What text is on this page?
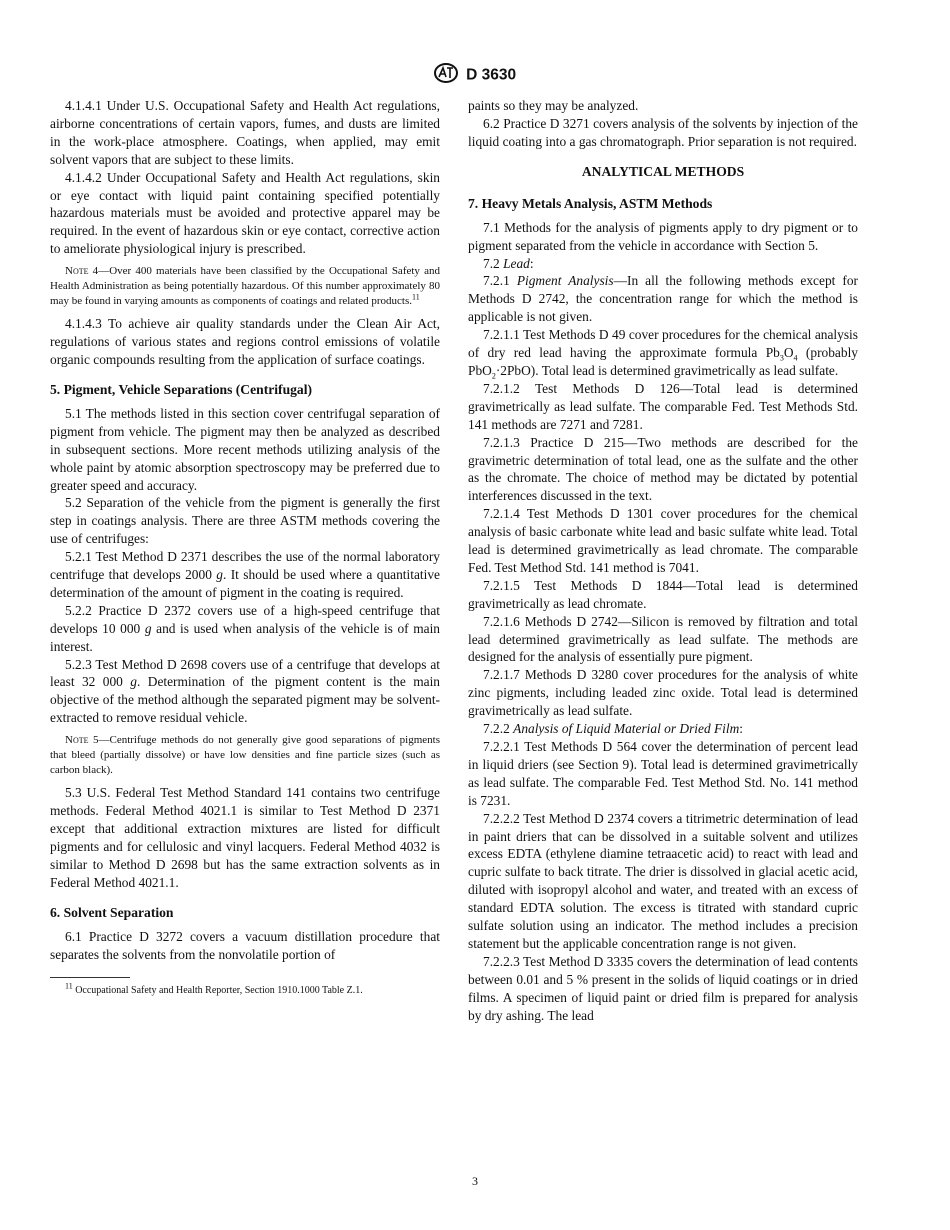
D 3630

4.1.4.1 Under U.S. Occupational Safety and Health Act regulations, airborne concentrations of certain vapors, fumes, and dusts are limited in the work-place atmosphere. Coatings, when applied, may emit solvent vapors that are subject to these limits.

4.1.4.2 Under Occupational Safety and Health Act regulations, skin or eye contact with liquid paint containing specified potentially hazardous materials must be avoided and protective apparel may be required. In the event of hazardous skin or eye contact, corrective action to ameliorate physiological injury is prescribed.

Note 4—Over 400 materials have been classified by the Occupational Safety and Health Administration as being potentially hazardous. Of this number approximately 80 may be found in varying amounts as components of coatings and related products.$^{11}$

4.1.4.3 To achieve air quality standards under the Clean Air Act, regulations of various states and regions control emissions of volatile organic compounds resulting from the application of surface coatings.

5. Pigment, Vehicle Separations (Centrifugal)

5.1 The methods listed in this section cover centrifugal separation of pigment from vehicle. The pigment may then be analyzed as described in subsequent sections. More recent methods utilizing analysis of the whole paint by atomic absorption spectroscopy may be preferred due to greater speed and accuracy.

5.2 Separation of the vehicle from the pigment is generally the first step in coatings analysis. There are three ASTM methods covering the use of centrifuges:

5.2.1 Test Method D 2371 describes the use of the normal laboratory centrifuge that develops 2000 g. It should be used where a quantitative determination of the amount of pigment in the coating is required.

5.2.2 Practice D 2372 covers use of a high-speed centrifuge that develops 10 000 g and is used when analysis of the vehicle is of main interest.

5.2.3 Test Method D 2698 covers use of a centrifuge that develops at least 32 000 g. Determination of the pigment content is the main objective of the method although the separated pigment may be solvent-extracted to remove residual vehicle.

Note 5—Centrifuge methods do not generally give good separations of pigments that bleed (partially dissolve) or have low densities and fine particle sizes (such as carbon black).

5.3 U.S. Federal Test Method Standard 141 contains two centrifuge methods. Federal Method 4021.1 is similar to Test Method D 2371 except that additional extraction mixtures are listed for difficult pigments and for cellulosic and vinyl lacquers. Federal Method 4032 is similar to Method D 2698 but has the same extraction solvents as in Federal Method 4021.1.

6. Solvent Separation

6.1 Practice D 3272 covers a vacuum distillation procedure that separates the solvents from the nonvolatile portion of

$^{11}$ Occupational Safety and Health Reporter, Section 1910.1000 Table Z.1.

paints so they may be analyzed.

6.2 Practice D 3271 covers analysis of the solvents by injection of the liquid coating into a gas chromatograph. Prior separation is not required.

ANALYTICAL METHODS
7. Heavy Metals Analysis, ASTM Methods

7.1 Methods for the analysis of pigments apply to dry pigment or to pigment separated from the vehicle in accordance with Section 5.

7.2 Lead:

7.2.1 Pigment Analysis—In all the following methods except for Methods D 2742, the concentration range for which the method is applicable is not given.

7.2.1.1 Test Methods D 49 cover procedures for the chemical analysis of dry red lead having the approximate formula $Pb_3O_4$ (probably PbO$_2$·2PbO). Total lead is determined gravimetrically as lead sulfate.

7.2.1.2 Test Methods D 126—Total lead is determined gravimetrically as lead sulfate. The comparable Fed. Test Methods Std. 141 methods are 7271 and 7281.

7.2.1.3 Practice D 215—Two methods are described for the gravimetric determination of total lead, one as the sulfate and the other as the chromate. The choice of method may be dictated by potential interferences discussed in the text.

7.2.1.4 Test Methods D 1301 cover procedures for the chemical analysis of basic carbonate white lead and basic sulfate white lead. Total lead is determined gravimetrically as lead chromate. The comparable Fed. Test Method Std. 141 method is 7041.

7.2.1.5 Test Methods D 1844—Total lead is determined gravimetrically as lead chromate.

7.2.1.6 Methods D 2742—Silicon is removed by filtration and total lead determined gravimetrically as lead sulfate. The methods are designed for the analysis of essentially pure pigment.

7.2.1.7 Methods D 3280 cover procedures for the analysis of white zinc pigments, including leaded zinc oxide. Total lead is determined gravimetrically as lead sulfate.

7.2.2 Analysis of Liquid Material or Dried Film:

7.2.2.1 Test Methods D 564 cover the determination of percent lead in liquid driers (see Section 9). Total lead is determined gravimetrically as lead sulfate. The comparable Fed. Test Method Std. No. 141 method is 7231.

7.2.2.2 Test Method D 2374 covers a titrimetric determination of lead in paint driers that can be dissolved in a suitable solvent and utilizes excess EDTA (ethylene diamine tetraacetic acid) to react with lead and cupric sulfate to back titrate. The drier is dissolved in glacial acetic acid, diluted with isopropyl alcohol and water, and treated with an excess of standard EDTA solution. The excess is titrated with standard cupric sulfate solution using an indicator. The method includes a precision statement but the applicable concentration range is not given.

7.2.2.3 Test Method D 3335 covers the determination of lead contents between 0.01 and 5 % present in the solids of liquid coatings or in dried films. A specimen of liquid paint or dried film is prepared for analysis by dry ashing. The lead

3
